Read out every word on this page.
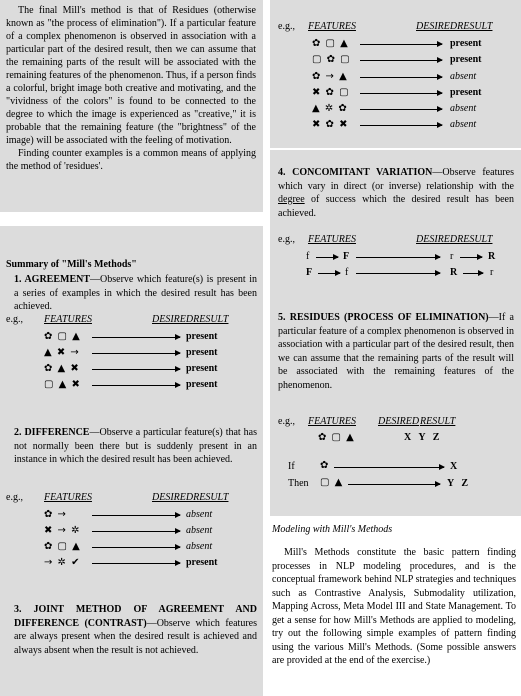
The final Mill's method is that of Residues (otherwise known as "the process of elimination"). If a particular feature of a complex phenomenon is observed in association with a particular part of the desired result, then we can assume that the remaining parts of the result will be associated with the remaining features of the phenomenon. Thus, if a person finds a colorful, bright image both creative and motivating, and the "vividness of the colors" is found to be connected to the degree to which the image is experienced as "creative," it is probable that the remaining feature (the "brightness" of the image) will be associated with the feeling of motivation.

Finding counter examples is a common means of applying the method of 'residues'.

Summary of "Mill's Methods"
1. AGREEMENT—Observe which feature(s) is present in a series of examples in which the desired result has been achieved.
e.g., FEATURES	DESIREDRESULT
✿ ▢ ▲	present
▲ ✖ →	present
✿ ▲ ✖	present
▢ ▲ ✖	present
2. DIFFERENCE—Observe a particular feature(s) that has not normally been there but is suddenly present in an instance in which the desired result has been achieved.
e.g., FEATURES	DESIREDRESULT
✿ →	absent
✖ → ✲	absent
✿ ▢ ▲	absent
→ ✲ ✔	present
3. JOINT METHOD OF AGREEMENT AND DIFFERENCE (CONTRAST)—Observe which features are always present when the desired result is achieved and always absent when the result is not achieved.
e.g., FEATURES	DESIREDRESULT
✿ ▢ ▲	present
▢ ✿ ▢	present
✿ → ▲	absent
✖ ✿ ▢	present
▲ ✲ ✿	absent
✖ ✿ ✖	absent
4. CONCOMITANT VARIATION—Observe features which vary in direct (or inverse) relationship with the degree of success which the desired result has been achieved.
e.g., FEATURES	DESIREDRESULT
f	F	r	R
F	f	R	r
5. RESIDUES (PROCESS OF ELIMINATION)—If a particular feature of a complex phenomenon is observed in association with a particular part of the desired result, then we can assume that the remaining parts of the result will be associated with the remaining features of the phenomenon.
e.g., FEATURES DESIRED RESULT
✿ ▢ ▲	X Y Z
If	✿	X
Then ▢ ▲	Y Z
Modeling with Mill's Methods
Mill's Methods constitute the basic pattern finding processes in NLP modeling procedures, and is the conceptual framework behind NLP strategies and techniques such as Contrastive Analysis, Submodality utilization, Mapping Across, Meta Model III and State Management. To get a sense for how Mill's Methods are applied to modeling, try out the following simple examples of pattern finding using the various Mill's Methods. (Some possible answers are provided at the end of the exercise.)
